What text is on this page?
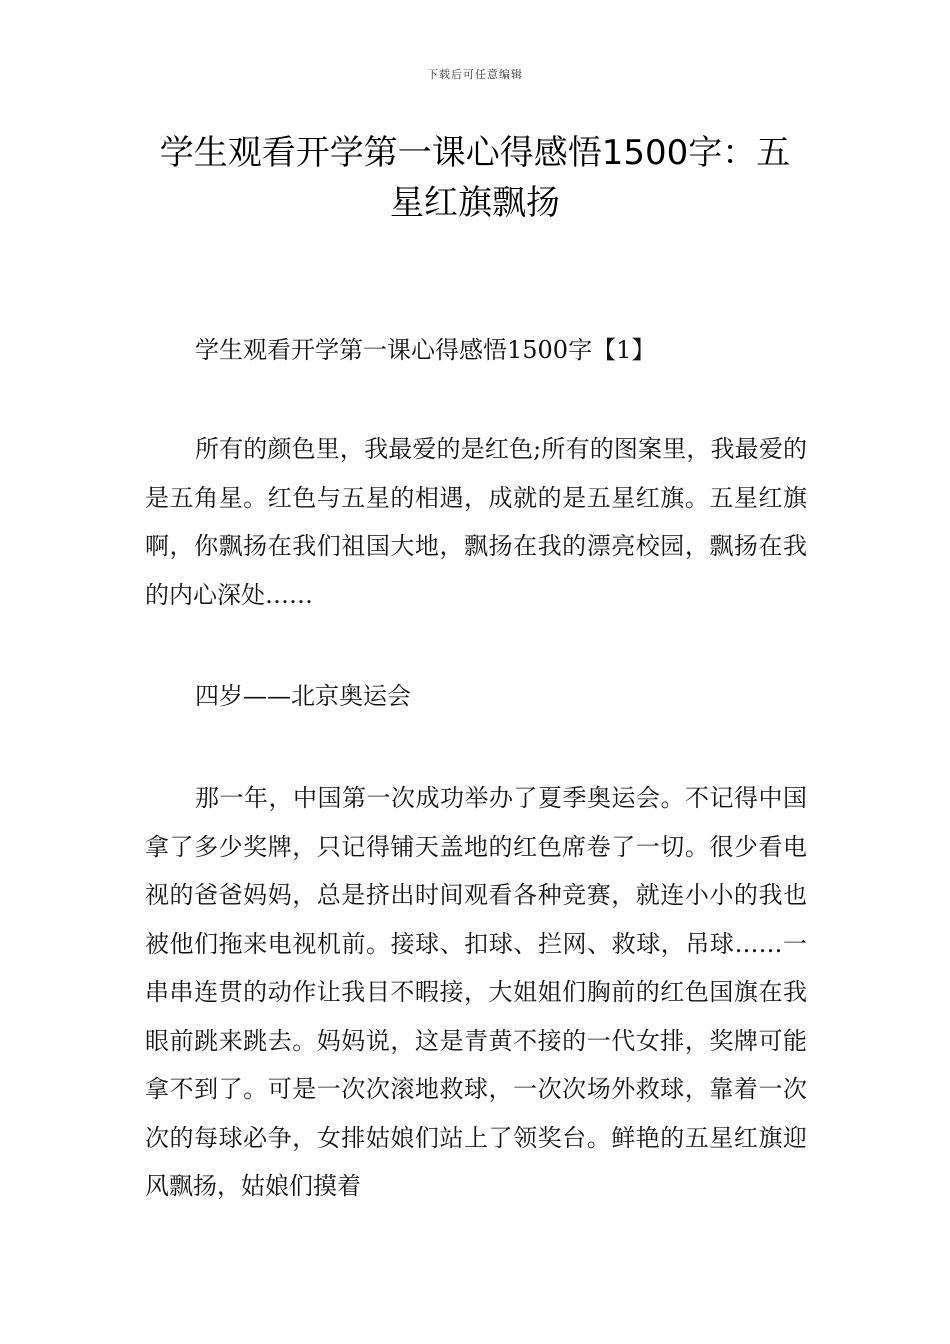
下载后可任意编辑
学生观看开学第一课心得感悟1500字：五星红旗飘扬

学生观看开学第一课心得感悟1500字【1】

所有的颜色里，我最爱的是红色;所有的图案里，我最爱的是五角星。红色与五星的相遇，成就的是五星红旗。五星红旗啊，你飘扬在我们祖国大地，飘扬在我的漂亮校园，飘扬在我的内心深处……

四岁——北京奥运会

那一年，中国第一次成功举办了夏季奥运会。不记得中国拿了多少奖牌，只记得铺天盖地的红色席卷了一切。很少看电视的爸爸妈妈，总是挤出时间观看各种竞赛，就连小小的我也被他们拖来电视机前。接球、扣球、拦网、救球，吊球……一串串连贯的动作让我目不暇接，大姐姐们胸前的红色国旗在我眼前跳来跳去。妈妈说，这是青黄不接的一代女排，奖牌可能拿不到了。可是一次次滚地救球，一次次场外救球，靠着一次次的每球必争，女排姑娘们站上了领奖台。鲜艳的五星红旗迎风飘扬，姑娘们摸着
